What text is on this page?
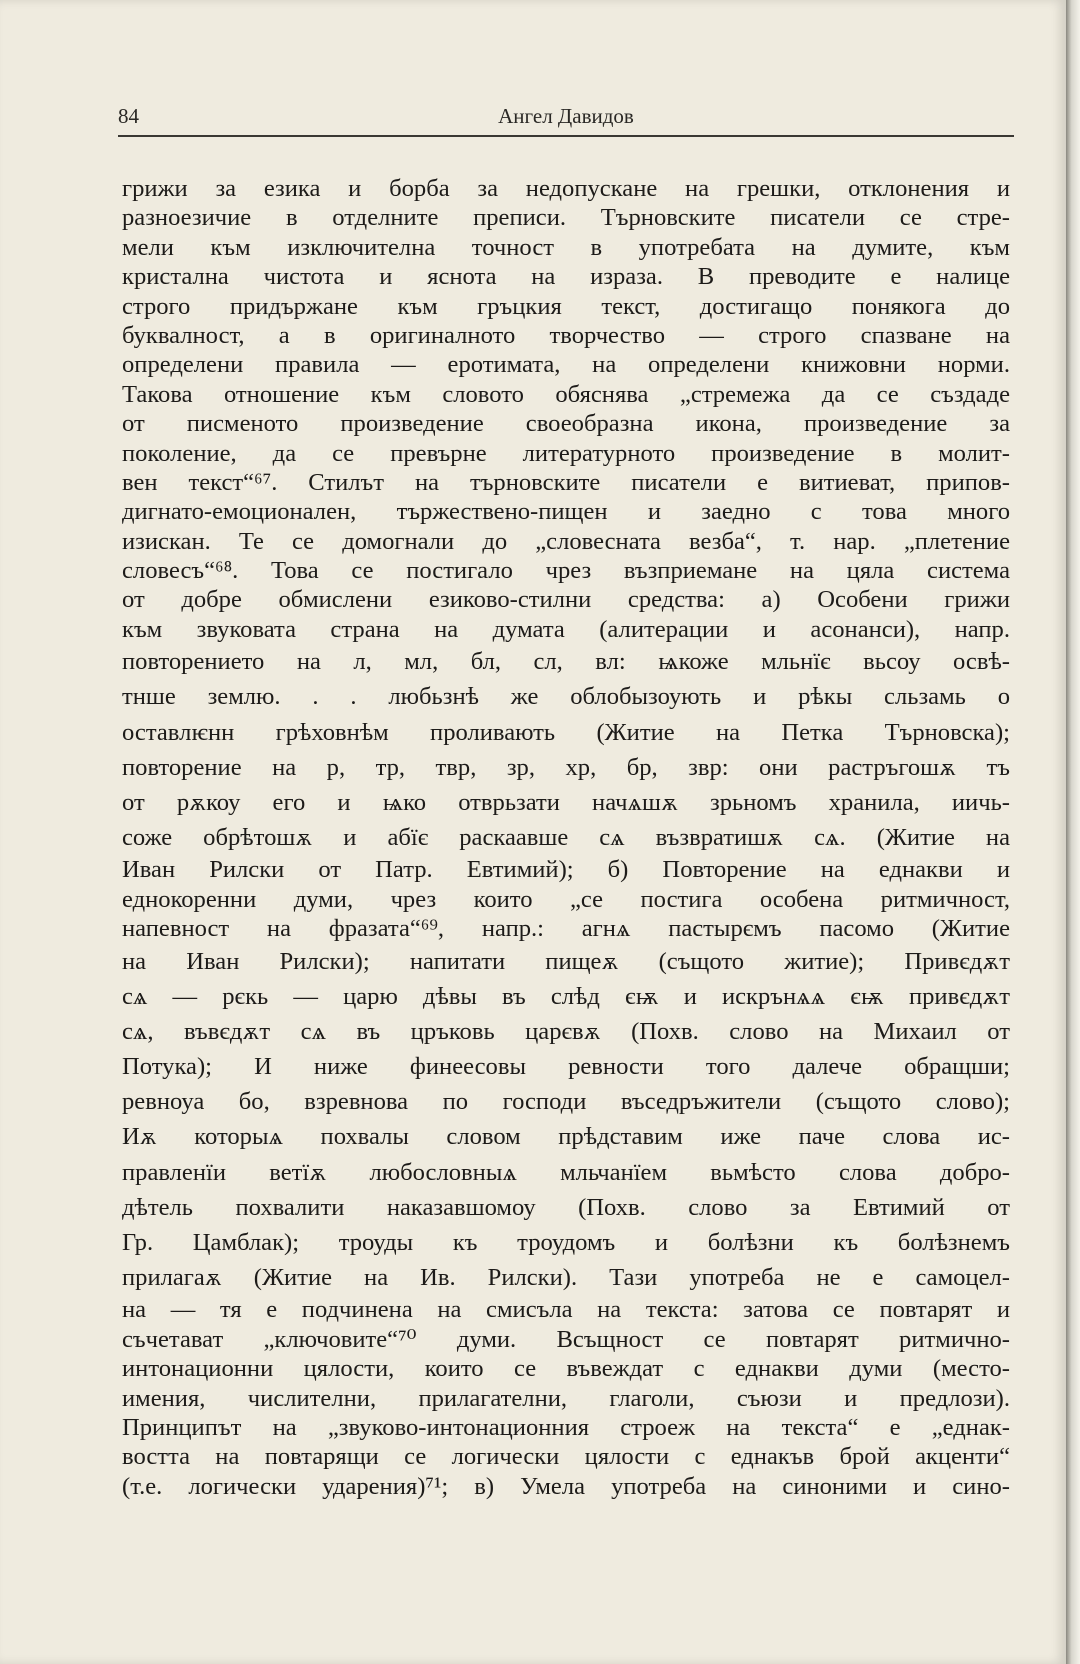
84	Ангел Давидов
грижи за езика и борба за недопускане на грешки, отклонения и
разноезичие в отделните преписи. Търновските писатели се стре-
мели към изключителна точност в употребата на думите, към
кристална чистота и яснота на израза. В преводите е налице
строго придържане към гръцкия текст, достигащо понякога до
буквалност, а в оригиналното творчество — строго спазване на
определени правила — еротимата, на определени книжовни норми.
Такова отношение към словото обяснява „стремежа да се създаде
от писменото произведение своеобразна икона, произведение за
поколение, да се превърне литературното произведение в молит-
вен текст“⁶⁷. Стилът на търновските писатели е витиеват, припов-
дигнато-емоционален, тържествено-пищен и заедно с това много
изискан. Те се домогнали до „словесната везба“, т. нар. „плетение
словесъ“⁶⁸. Това се постигало чрез възприемане на цяла система
от добре обмислени езиково-стилни средства: а) Особени грижи
към звуковата страна на думата (алитерации и асонанси), напр.
повторението на л, мл, бл, сл, вл: ѩкоже мльнїє вьсоу освѣ-
тнше землю. . . любьзнѣ же облобызоують и рѣкы сльзамь о
оставлѥнн грѣховнѣм проливають (Житие на Петка Търновска);
повторение на р, тр, твр, зр, хр, бр, звр: они растръгошѫ тъ
от рѫкоу его и ѩко отврьзати начѧшѫ зрьномъ хранила, иичь-
соже обрѣтошѫ и абїє раскаавше сѧ възвратишѫ сѧ. (Житие на
Иван Рилски от Патр. Евтимий); б) Повторение на еднакви и
еднокоренни думи, чрез които „се постига особена ритмичност,
напевност на фразата“⁶⁹, напр.: агнѧ пастырємъ пасомо (Житие
на Иван Рилски); напитати пищеѫ (същото житие); Привєдѫт
сѧ — рєкь — царю дѣвы въ слѣд єѭ и искрънѧѧ єѭ привєдѫт
сѧ, въвєдѫт сѧ въ цръковь царєвѫ (Похв. слово на Михаил от
Потука); И ниже финеесовы ревности того далече обращши;
ревноуа бо, взревнова по господи въседръжители (същото слово);
Иѫ которыѧ похвалы словом прѣдставим иже паче слова ис-
правленїи ветїѫ любословныѧ мльчанїем вьмѣсто слова добро-
дѣтель похвалити наказавшомоу (Похв. слово за Евтимий от
Гр. Цамблак); троуды къ троудомъ и болѣзни къ болѣзнемъ
прилагаѫ (Житие на Ив. Рилски). Тази употреба не е самоцел-
на — тя е подчинена на смисъла на текста: затова се повтарят и
съчетават „ключовите“⁷⁰ думи. Всъщност се повтарят ритмично-
интонационни цялости, които се въвеждат с еднакви думи (место-
имения, числителни, прилагателни, глаголи, съюзи и предлози).
Принципът на „звуково-интонационния строеж на текста“ е „еднак-
востта на повтарящи се логически цялости с еднакъв брой акценти“
(т.е. логически ударения)⁷¹; в) Умела употреба на синоними и сино-
